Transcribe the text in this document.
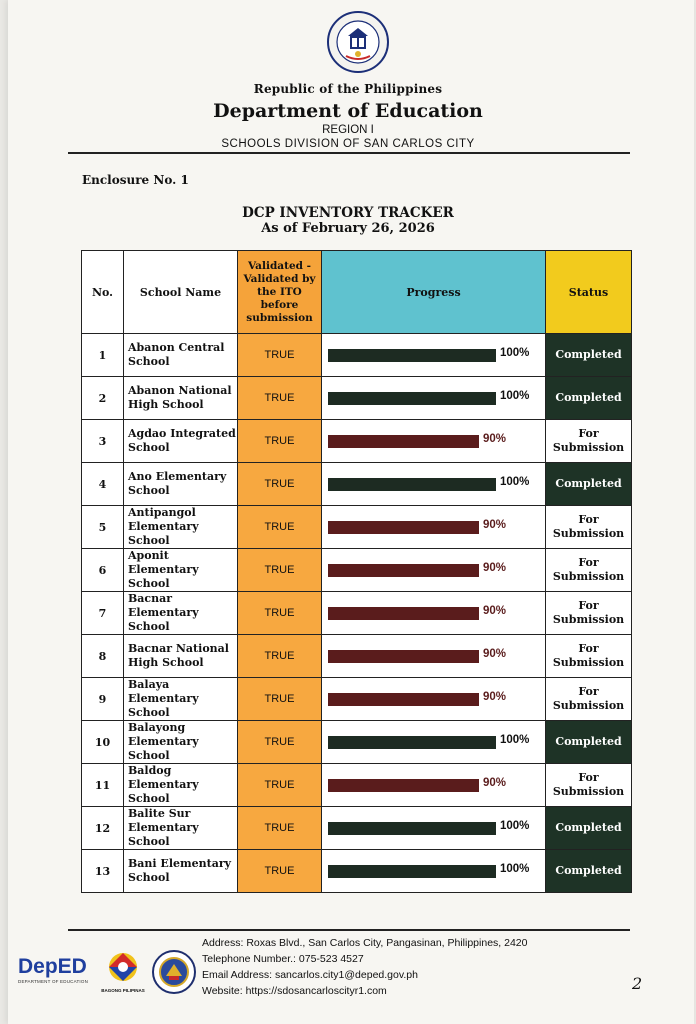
Republic of the Philippines
Department of Education
REGION I
SCHOOLS DIVISION OF SAN CARLOS CITY
Enclosure No. 1
DCP INVENTORY TRACKER
As of February 26, 2026
No.	School Name	Validated - Validated by the ITO before submission	Progress	Status
1	Abanon Central School	TRUE	100%	Completed
2	Abanon National High School	TRUE	100%	Completed
3	Agdao Integrated School	TRUE	90%	For Submission
4	Ano Elementary School	TRUE	100%	Completed
5	Antipangol Elementary School	TRUE	90%	For Submission
6	Aponit Elementary School	TRUE	90%	For Submission
7	Bacnar Elementary School	TRUE	90%	For Submission
8	Bacnar National High School	TRUE	90%	For Submission
9	Balaya Elementary School	TRUE	90%	For Submission
10	Balayong Elementary School	TRUE	100%	Completed
11	Baldog Elementary School	TRUE	90%	For Submission
12	Balite Sur Elementary School	TRUE	100%	Completed
13	Bani Elementary School	TRUE	100%	Completed
DepED
DEPARTMENT OF EDUCATION
BAGONG PILIPINAS
Address: Roxas Blvd., San Carlos City, Pangasinan, Philippines, 2420
Telephone Number.: 075-523 4527
Email Address: sancarlos.city1@deped.gov.ph
Website: https://sdosancarloscityr1.com	2
